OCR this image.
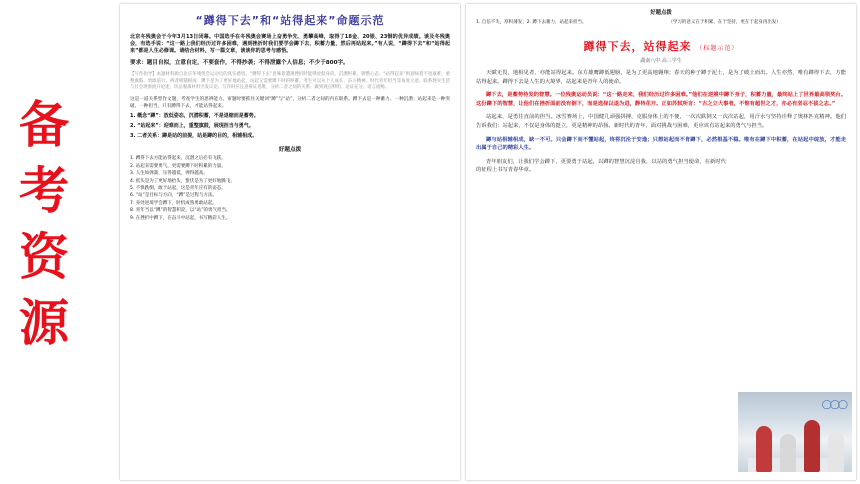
备
考
资
源
“蹲得下去”和“站得起来”命题示范
北京冬残奥会于今年3月13日闭幕。中国选手在冬残奥会赛场上奋勇争先、勇攀高峰，取得了18金、20银、23铜的优异成绩。谈及冬残奥会，有选手说：“这一路上我们经历过许多困难，遇到挫折时我们要学会蹲下去、积蓄力量，然后再站起来。”有人说，“蹲得下去”和“站得起来”都是人生必修课。请结合材料，写一篇文章，谈谈你的思考与感悟。
要求：题目自拟，立意自定，不要套作，不得抄袭；不得泄露个人信息；不少于800字。
【写作指导】本题材料源自北京冬残奥会运动员的真实感悟。“蹲得下去”意味着遭遇挫折时能够放低身段、沉潜积累、调整心态；“站得起来”则意味着不畏艰难、重整旗鼓、勇敢前行。两者相辅相成：蹲下是为了更好地站起，站起又需要蹲下时的积蓄。考生可以从个人成长、奋斗精神、时代青年担当等角度立意，联系现实生活与社会现象展开论述，切忌脱离材料空发议论。写作时应注意辩证思维，分析二者之间的关系，做到观点鲜明、论证充分、语言流畅。
这是一道关系型作文题，考查学生的思辨能力。审题时要抓住关键词“蹲”与“站”，分析二者之间的内在联系。蹲下去是一种蓄力、一种沉潜；站起来是一种突破、一种担当。只有蹲得下去，才能站得起来。
1. 概念“蹲”：放低姿态，沉潜积蓄，不是退缩而是蓄势。
2. “站起来”：迎难而上，重整旗鼓，展现担当与勇气。
3. 二者关系：蹲是站的前提，站是蹲的目的，相辅相成。
好题点拨
1. 蹲得下去方能站得起来，沉潜之后必有飞跃。
2. 站起来需要勇气，更需要蹲下时积累的力量。
3. 人生如弹簧，压得越低，弹得越高。
4. 低头是为了更好地抬头，蛰伏是为了更好地腾飞。
5. 不惧跌倒，敢于站起，这是青年应有的姿态。
6. “站”是目标与方向，“蹲”是过程与方法。
7. 身处逆境学会蹲下，时机成熟勇敢站起。
8. 青年当以“蹲”的智慧积淀，以“站”的勇气担当。
9. 在挫折中蹲下，在奋斗中站起，书写精彩人生。
好题点拨
1. 自信不失，厚积薄发；2. 蹲下去蓄力，站起来担当。	（学习的意义在于积累，在于坚持，更在于起身再出发）
蹲得下去，站得起来 （标题示范）
湖南八中 高三学生

天赋无畏，地相见者，亦能站得起来。东方雄鹰蹲低翅膀，是为了更高地翱翔；春天的种子蹲于泥土，是为了破土而出。人生亦然，唯有蹲得下去，方能站得起来。蹲得下去是人生的大境界，站起来是青年人的使命。

蹲下去，是蓄势待发的智慧。一位残奥运动员说：“这一路走来，我们经历过许多困难。”他们在逆境中蹲下身子，积蓄力量，最终站上了世界最高领奖台。这份蹲下的智慧，让他们在挫折面前没有倒下，而是选择以退为进，静待花开。正如苏轼所言：“古之立大事者，不惟有超世之才，亦必有坚忍不拔之志。”

站起来，是勇往直前的担当。冰雪赛场上，中国健儿顽强拼搏，克服身体上的不便，一次次跌倒又一次次站起，用汗水与坚持诠释了奥林匹克精神。他们告诉我们：站起来，不仅是身体的挺立，更是精神的昂扬。新时代的青年，面对挑战与困难，更应该有站起来的勇气与担当。

蹲与站相辅相成，缺一不可。只会蹲下而不懂站起，终将沉沦于安逸；只想站起而不肯蹲下，必然根基不稳。唯有在蹲下中积蓄，在站起中绽放，才能走出属于自己的精彩人生。

青年朋友们，让我们学会蹲下，更要勇于站起，以蹲的智慧沉淀自我，以站的勇气担当使命，在新时代的征程上书写青春华章。

◯◯◯
